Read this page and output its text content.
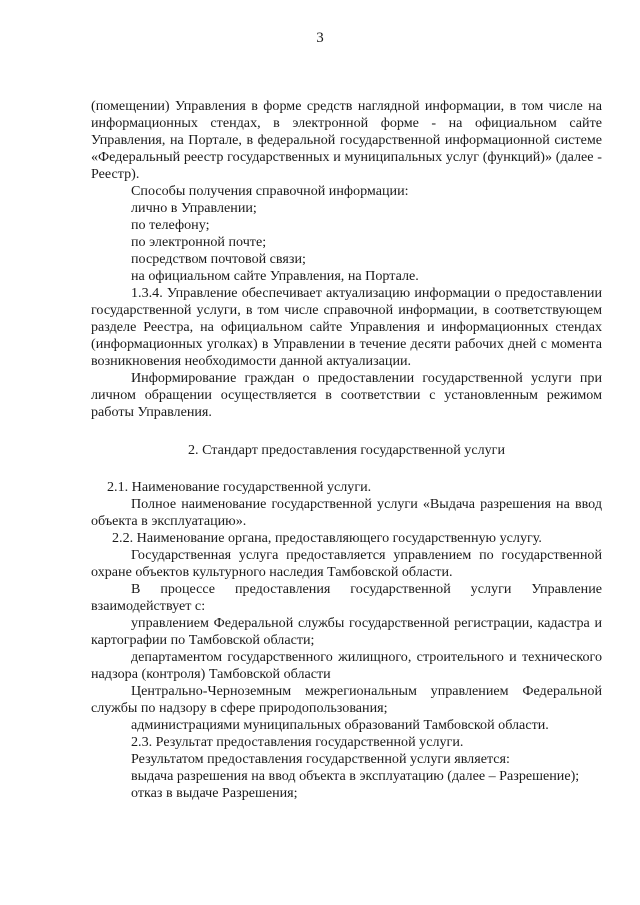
3

(помещении) Управления в форме средств наглядной информации, в том числе на информационных стендах, в электронной форме - на официальном сайте Управления, на Портале, в федеральной государственной информационной системе «Федеральный реестр государственных и муниципальных услуг (функций)» (далее - Реестр).

Способы получения справочной информации:

лично в Управлении;

по телефону;

по электронной почте;

посредством почтовой связи;

на официальном сайте Управления, на Портале.

1.3.4. Управление обеспечивает актуализацию информации о предоставлении государственной услуги, в том числе справочной информации, в соответствующем разделе Реестра, на официальном сайте Управления и информационных стендах (информационных уголках) в Управлении в течение десяти рабочих дней с момента возникновения необходимости данной актуализации.

Информирование граждан о предоставлении государственной услуги при личном обращении осуществляется в соответствии с установленным режимом работы Управления.

2. Стандарт предоставления государственной услуги

2.1. Наименование государственной услуги.

Полное наименование государственной услуги «Выдача разрешения на ввод объекта в эксплуатацию».

2.2. Наименование органа, предоставляющего государственную услугу.

Государственная услуга предоставляется управлением по государственной охране объектов культурного наследия Тамбовской области.

В процессе предоставления государственной услуги Управление взаимодействует с:

управлением Федеральной службы государственной регистрации, кадастра и картографии по Тамбовской области;

департаментом государственного жилищного, строительного и технического надзора (контроля) Тамбовской области

Центрально-Черноземным межрегиональным управлением Федеральной службы по надзору в сфере природопользования;

администрациями муниципальных образований Тамбовской области.

2.3. Результат предоставления государственной услуги.

Результатом предоставления государственной услуги является:

выдача разрешения на ввод объекта в эксплуатацию (далее – Разрешение);

отказ в выдаче Разрешения;
